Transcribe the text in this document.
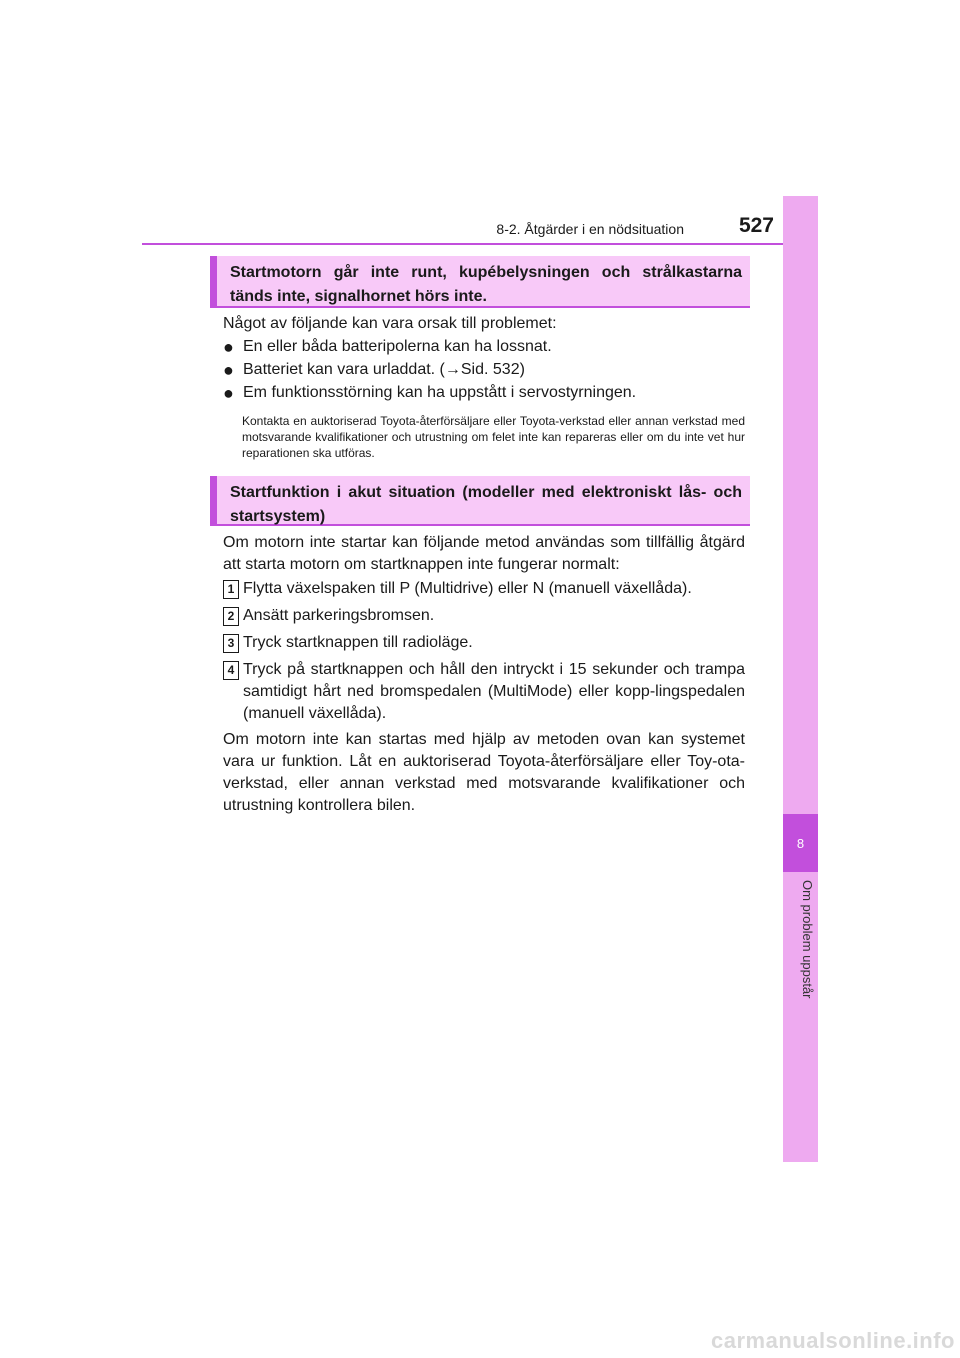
8-2. Åtgärder i en nödsituation	527
8
Om problem uppstår
Startmotorn går inte runt, kupébelysningen och strålkastarna tänds inte, signalhornet hörs inte.
Något av följande kan vara orsak till problemet:
● En eller båda batteripolerna kan ha lossnat.
● Batteriet kan vara urladdat. (→Sid. 532)
● Em funktionsstörning kan ha uppstått i servostyrningen.
Kontakta en auktoriserad Toyota-återförsäljare eller Toyota-verkstad eller annan verkstad med motsvarande kvalifikationer och utrustning om felet inte kan repareras eller om du inte vet hur reparationen ska utföras.
Startfunktion i akut situation (modeller med elektroniskt lås- och startsystem)
Om motorn inte startar kan följande metod användas som tillfällig åtgärd att starta motorn om startknappen inte fungerar normalt:
1 Flytta växelspaken till P (Multidrive) eller N (manuell växellåda).
2 Ansätt parkeringsbromsen.
3 Tryck startknappen till radioläge.
4 Tryck på startknappen och håll den intryckt i 15 sekunder och trampa samtidigt hårt ned bromspedalen (MultiMode) eller kopp-lingspedalen (manuell växellåda).
Om motorn inte kan startas med hjälp av metoden ovan kan systemet vara ur funktion. Låt en auktoriserad Toyota-återförsäljare eller Toy-ota-verkstad, eller annan verkstad med motsvarande kvalifikationer och utrustning kontrollera bilen.
carmanualsonline.info
